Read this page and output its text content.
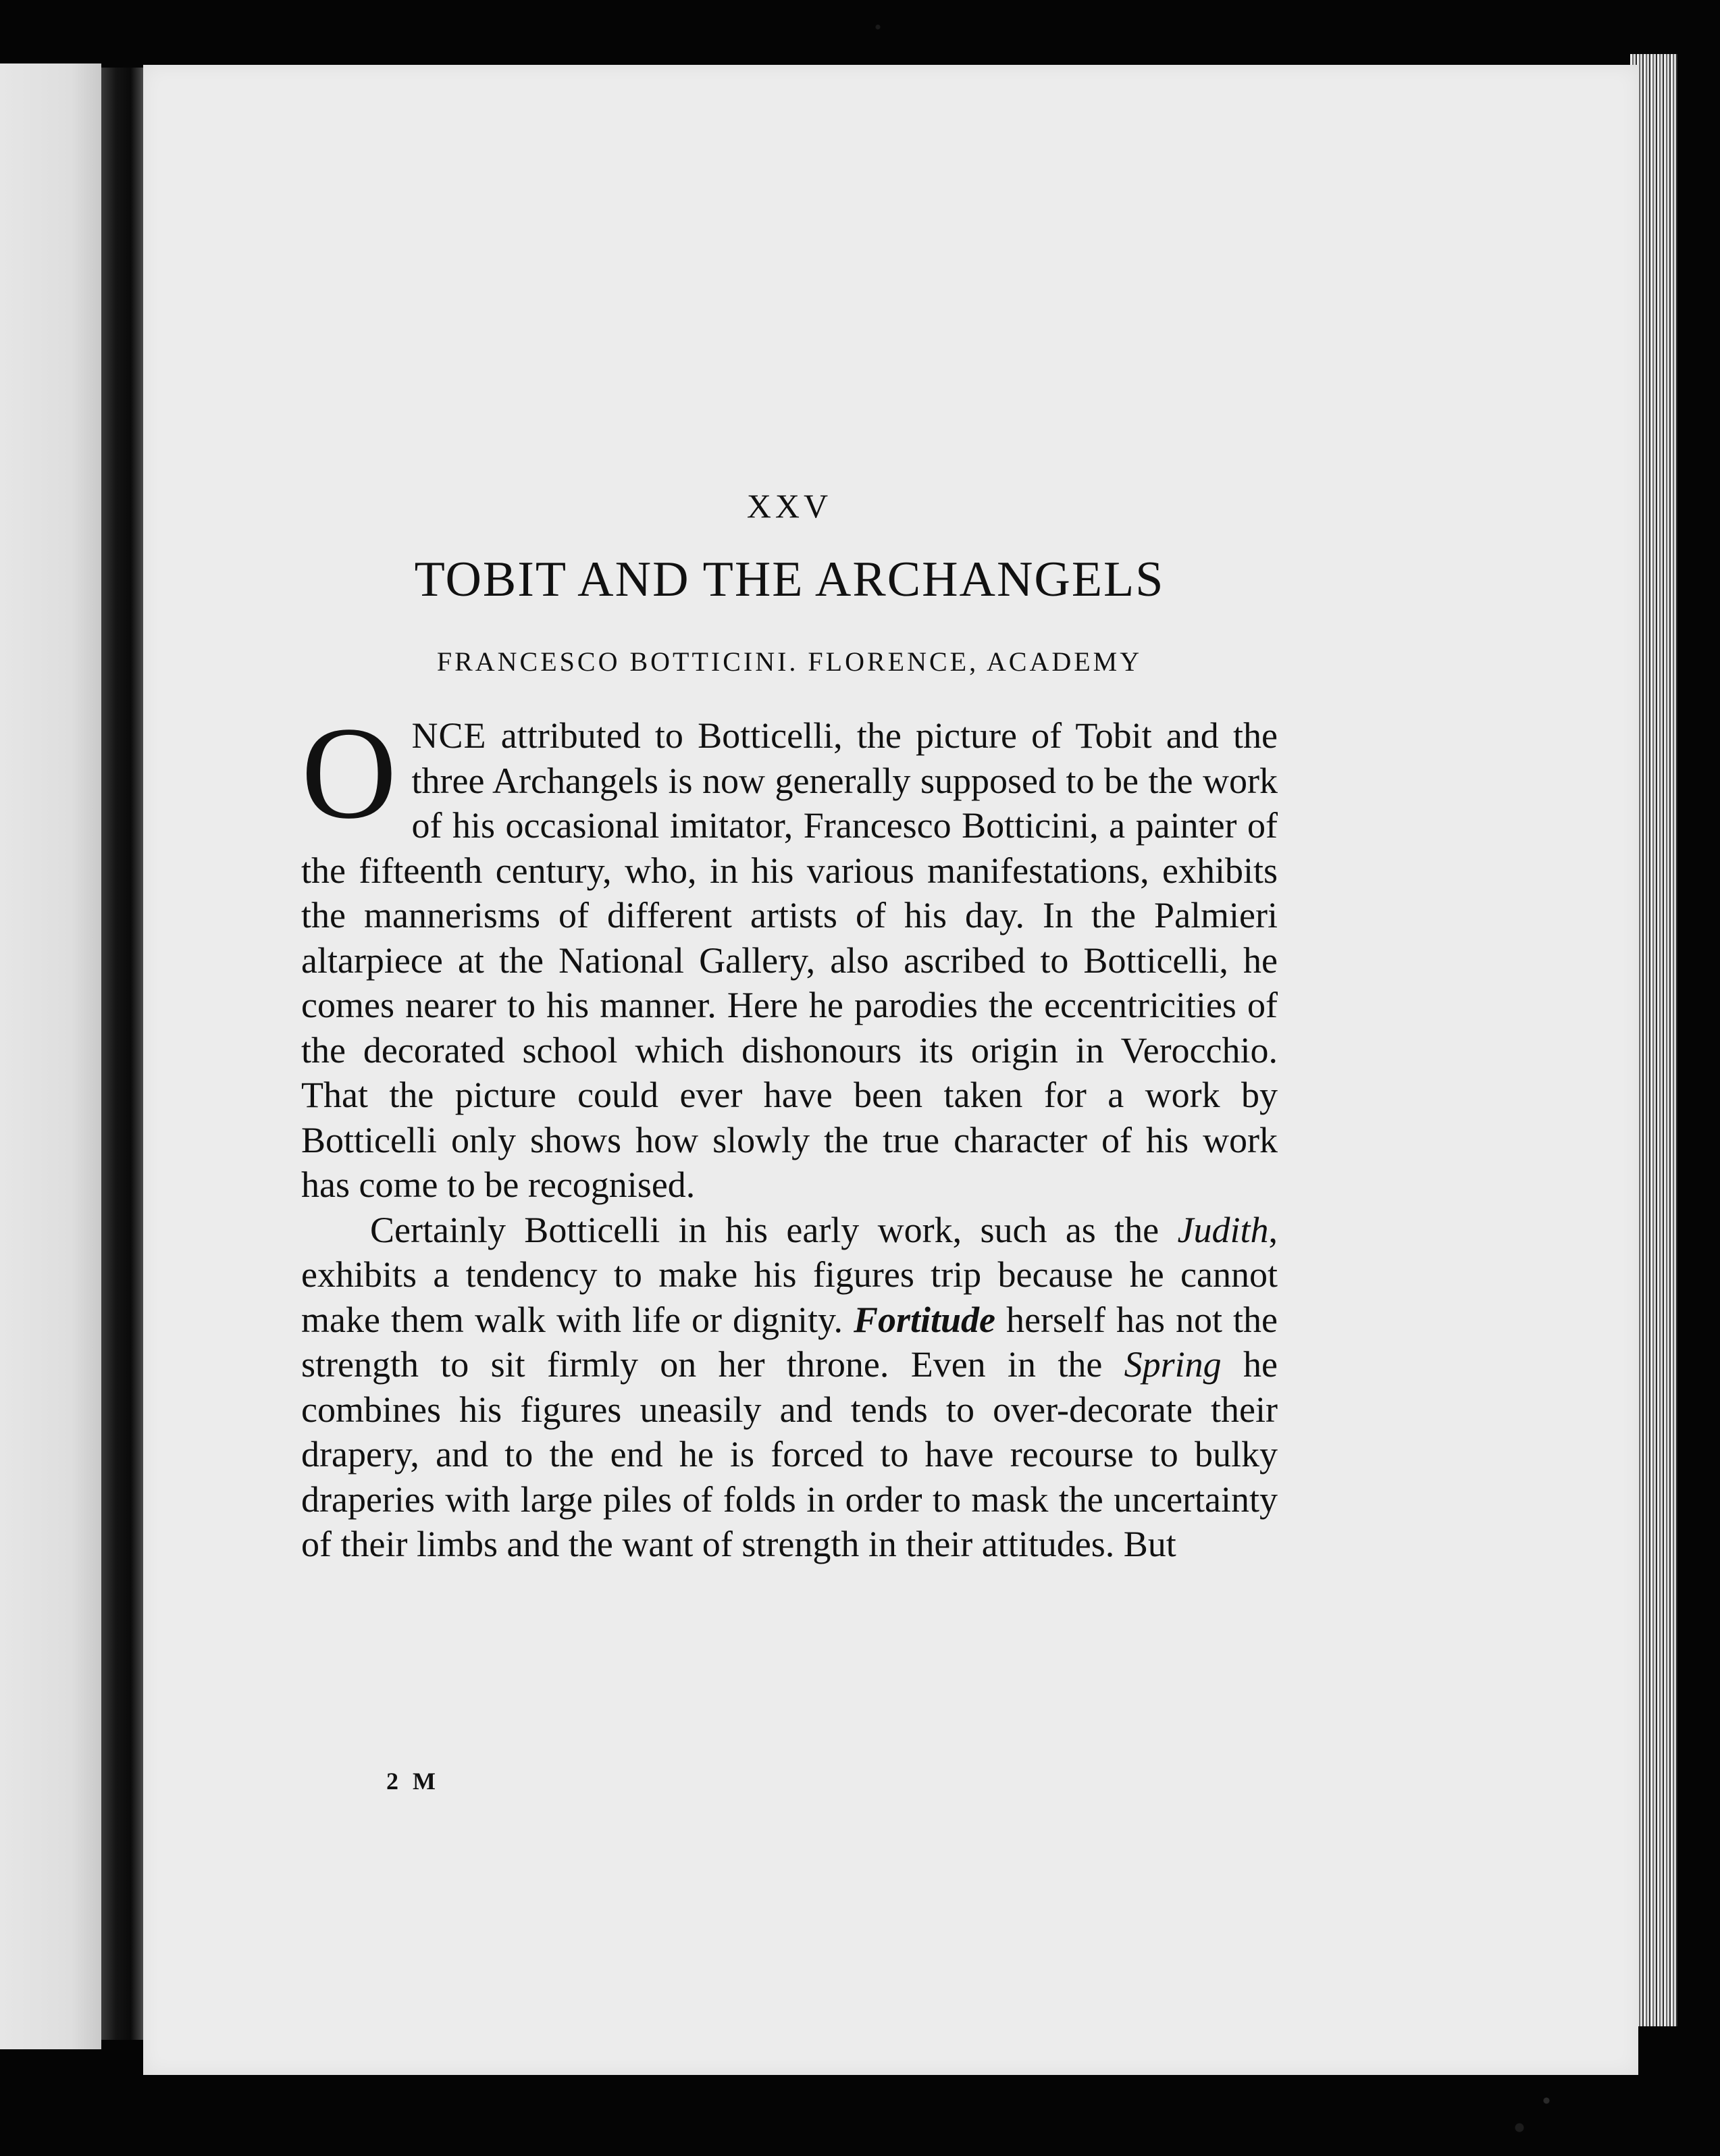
XXV
TOBIT AND THE ARCHANGELS
FRANCESCO BOTTICINI. FLORENCE, ACADEMY

ONCE attributed to Botticelli, the picture of Tobit and the three Archangels is now generally supposed to be the work of his occasional imitator, Francesco Botticini, a painter of the fifteenth century, who, in his various manifestations, exhibits the mannerisms of different artists of his day. In the Palmieri altarpiece at the National Gallery, also ascribed to Botticelli, he comes nearer to his manner. Here he parodies the eccentricities of the decorated school which dishonours its origin in Verocchio. That the picture could ever have been taken for a work by Botticelli only shows how slowly the true character of his work has come to be recognised.

Certainly Botticelli in his early work, such as the Judith, exhibits a tendency to make his figures trip because he cannot make them walk with life or dignity. Fortitude herself has not the strength to sit firmly on her throne. Even in the Spring he combines his figures uneasily and tends to over-decorate their drapery, and to the end he is forced to have recourse to bulky draperies with large piles of folds in order to mask the uncertainty of their limbs and the want of strength in their attitudes. But

2 M
